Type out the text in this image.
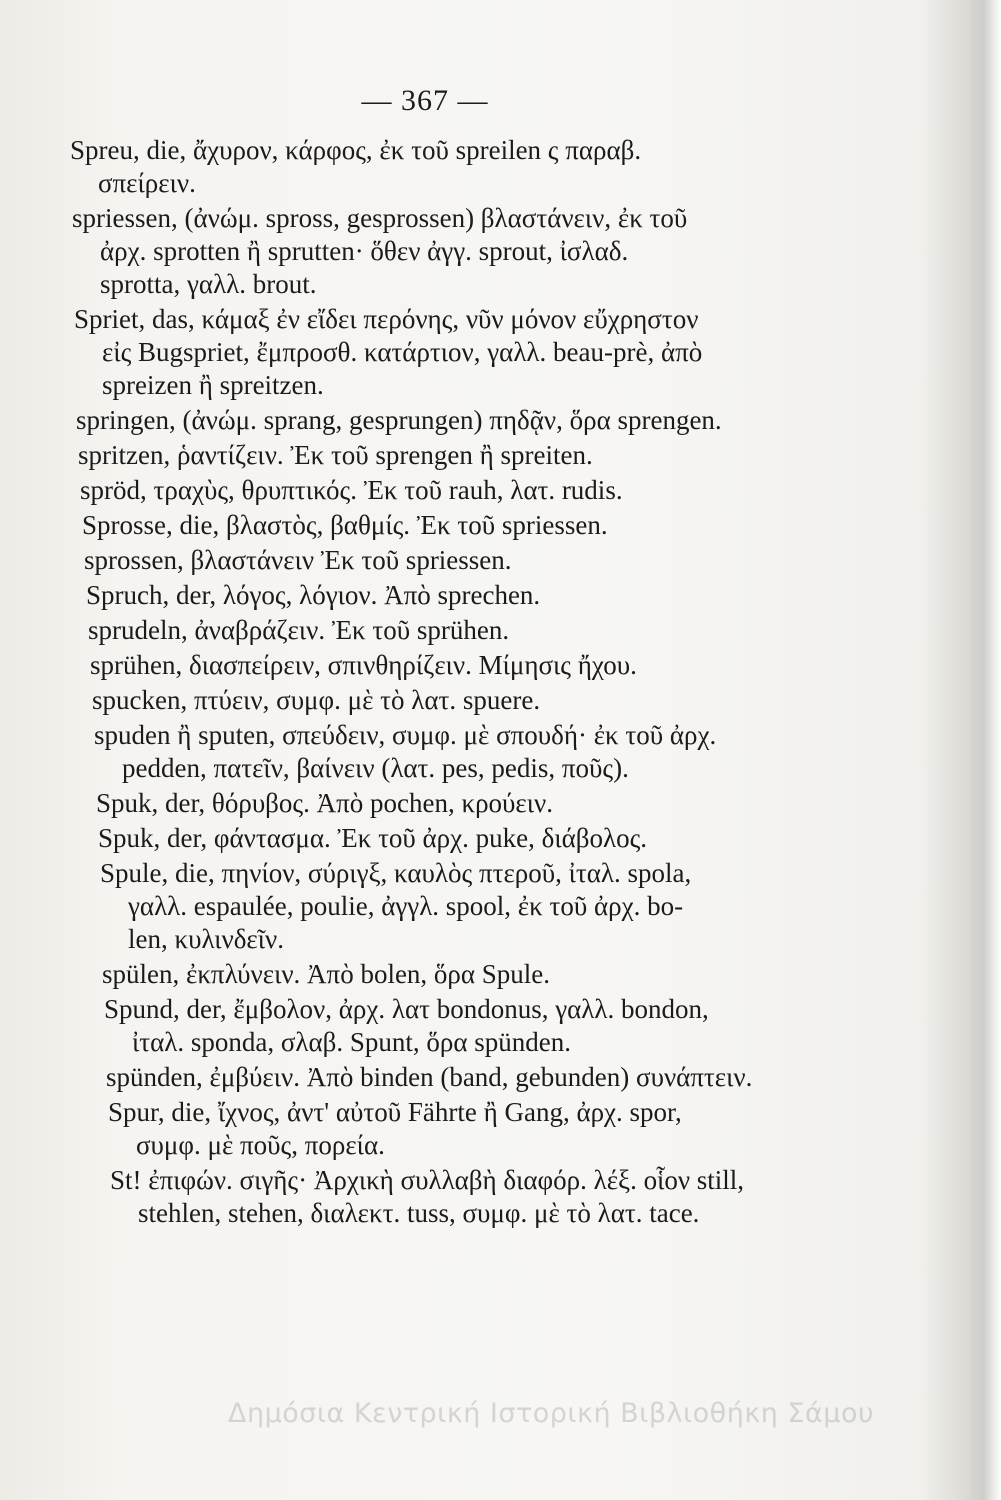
— 367 —
Spreu, die, ἄχυρον, κάρφος, ἐκ τοῦ spreilen ς παραβ.
σπείρειν.
spriessen, (ἀνώμ. spross, gesprossen) βλαστάνειν, ἐκ τοῦ
ἀρχ. sprotten ἢ sprutten· ὅθεν ἀγγ. sprout, ἰσλαδ.
sprotta, γαλλ. brout.
Spriet, das, κάμαξ ἐν εἴδει περόνης, νῦν μόνον εὔχρηστον
εἰς Bugspriet, ἔμπροσθ. κατάρτιον, γαλλ. beau-prè, ἀπὸ
spreizen ἢ spreitzen.
springen, (ἀνώμ. sprang, gesprungen) πηδᾷν, ὅρα sprengen.
spritzen, ῥαντίζειν. Ἐκ τοῦ sprengen ἢ spreiten.
spröd, τραχὺς, θρυπτικός. Ἐκ τοῦ rauh, λατ. rudis.
Sprosse, die, βλαστὸς, βαθμίς. Ἐκ τοῦ spriessen.
sprossen, βλαστάνειν Ἐκ τοῦ spriessen.
Spruch, der, λόγος, λόγιον. Ἀπὸ sprechen.
sprudeln, ἀναβράζειν. Ἐκ τοῦ sprühen.
sprühen, διασπείρειν, σπινθηρίζειν. Μίμησις ἤχου.
spucken, πτύειν, συμφ. μὲ τὸ λατ. spuere.
spuden ἢ sputen, σπεύδειν, συμφ. μὲ σπουδή· ἐκ τοῦ ἀρχ.
pedden, πατεῖν, βαίνειν (λατ. pes, pedis, ποῦς).
Spuk, der, θόρυβος. Ἀπὸ pochen, κρούειν.
Spuk, der, φάντασμα. Ἐκ τοῦ ἀρχ. puke, διάβολος.
Spule, die, πηνίον, σύριγξ, καυλὸς πτεροῦ, ἰταλ. spola,
γαλλ. espaulée, poulie, ἀγγλ. spool, ἐκ τοῦ ἀρχ. bo-
len, κυλινδεῖν.
spülen, ἐκπλύνειν. Ἀπὸ bolen, ὅρα Spule.
Spund, der, ἔμβολον, ἀρχ. λατ bondonus, γαλλ. bondon,
ἰταλ. sponda, σλαβ. Spunt, ὅρα spünden.
spünden, ἐμβύειν. Ἀπὸ binden (band, gebunden) συνάπτειν.
Spur, die, ἴχνος, ἀντ' αὐτοῦ Fährte ἢ Gang, ἀρχ. spor,
συμφ. μὲ ποῦς, πορεία.
St! ἐπιφών. σιγῆς· Ἀρχικὴ συλλαβὴ διαφόρ. λέξ. οἷον still,
stehlen, stehen, διαλεκτ. tuss, συμφ. μὲ τὸ λατ. tace.
Δημόσια Κεντρική Ιστορική Βιβλιοθήκη Σάμου
